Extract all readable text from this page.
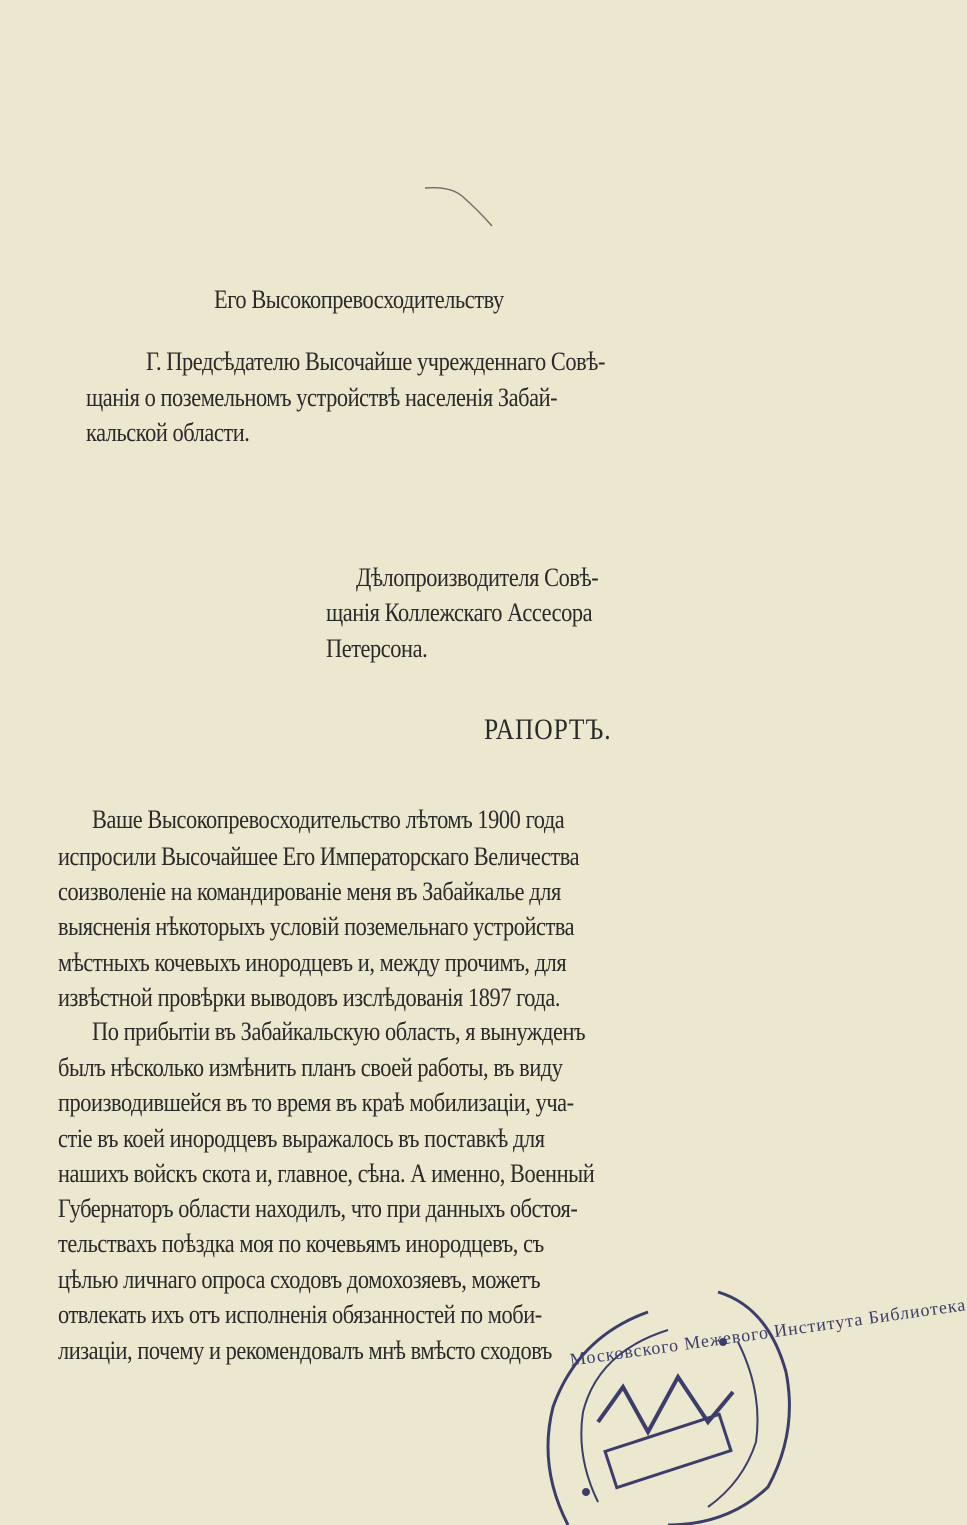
Его Высокопревосходительству
Г. Предсѣдателю Высочайше учрежденнаго Совѣ-
щанія о поземельномъ устройствѣ населенія Забай-
кальской области.
Дѣлопроизводителя Совѣ-
щанія Коллежскаго Ассесора
Петерсона.
РАПОРТЪ.
Ваше Высокопревосходительство лѣтомъ 1900 года
испросили Высочайшее Его Императорскаго Величества
соизволеніе на командированіе меня въ Забайкалье для
выясненія нѣкоторыхъ условій поземельнаго устройства
мѣстныхъ кочевыхъ инородцевъ и, между прочимъ, для
извѣстной провѣрки выводовъ изслѣдованія 1897 года.
По прибытіи въ Забайкальскую область, я вынужденъ
былъ нѣсколько измѣнить планъ своей работы, въ виду
производившейся въ то время въ краѣ мобилизаціи, уча-
стіе въ коей инородцевъ выражалось въ поставкѣ для
нашихъ войскъ скота и, главное, сѣна. А именно, Военный
Губернаторъ области находилъ, что при данныхъ обстоя-
тельствахъ поѣздка моя по кочевьямъ инородцевъ, съ
цѣлью личнаго опроса сходовъ домохозяевъ, можетъ
отвлекать ихъ отъ исполненія обязанностей по моби-
лизаціи, почему и рекомендовалъ мнѣ вмѣсто сходовъ Московского Межевого Института Библиотека
